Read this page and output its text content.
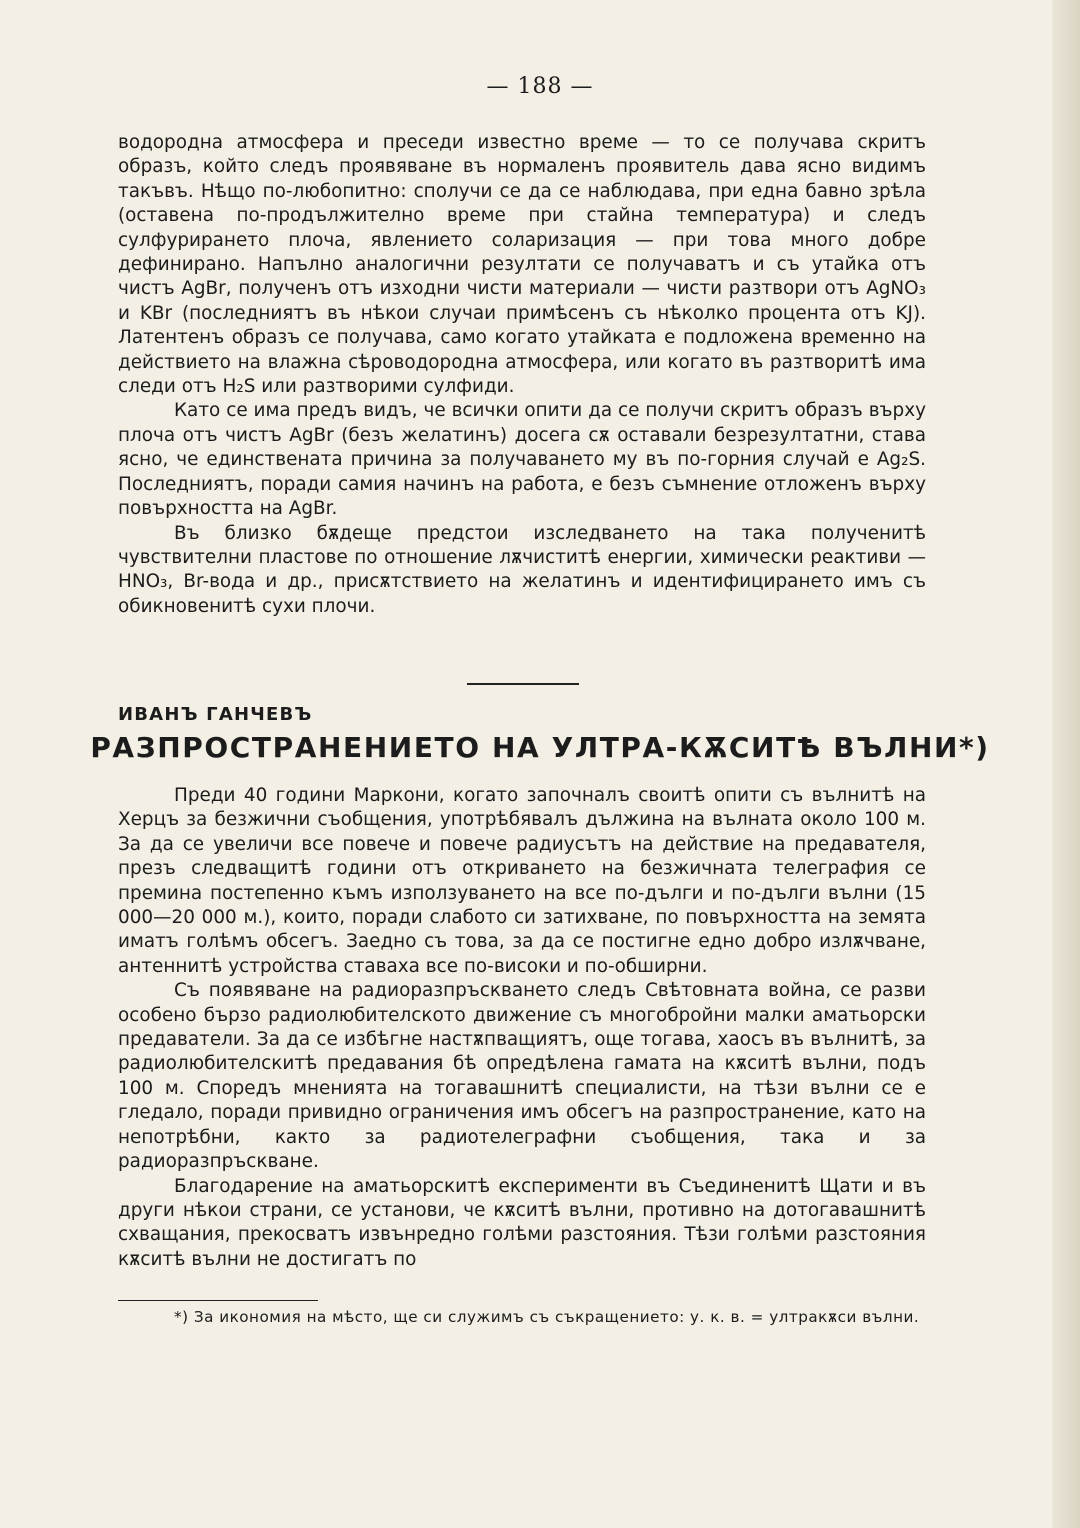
— 188 —

водородна атмосфера и преседи известно време — то се получава скритъ образъ, който следъ проявяване въ нормаленъ проявитель дава ясно видимъ такъвъ. Нѣщо по-любопитно: сполучи се да се наблюдава, при една бавно зрѣла (оставена по-продължително време при стайна температура) и следъ сулфурирането плоча, явлението соларизация — при това много добре дефинирано. Напълно аналогични резултати се получаватъ и съ утайка отъ чистъ AgBr, полученъ отъ изходни чисти материали — чисти разтвори отъ AgNO₃ и KBr (последниятъ въ нѣкои случаи примѣсенъ съ нѣколко процента отъ KJ). Латентенъ образъ се получава, само когато утайката е подложена временно на действието на влажна сѣроводородна атмосфера, или когато въ разтворитѣ има следи отъ H₂S или разтворими сулфиди.

Като се има предъ видъ, че всички опити да се получи скритъ образъ върху плоча отъ чистъ AgBr (безъ желатинъ) досега сѫ оставали безрезултатни, става ясно, че единствената причина за получаването му въ по-горния случай е Ag₂S. Последниятъ, поради самия начинъ на работа, е безъ съмнение отложенъ върху повърхността на AgBr.

Въ близко бѫдеще предстои изследването на така полученитѣ чувствителни пластове по отношение лѫчиститѣ енергии, химически реактиви — HNO₃, Br-вода и др., присѫтствието на желатинъ и идентифицирането имъ съ обикновенитѣ сухи плочи.

ИВАНЪ ГАНЧЕВЪ
РАЗПРОСТРАНЕНИЕТО НА УЛТРА-КѪСИТѢ ВЪЛНИ*)

Преди 40 години Маркони, когато започналъ своитѣ опити съ вълнитѣ на Херцъ за безжични съобщения, употрѣбявалъ дължина на вълната около 100 м. За да се увеличи все повече и повече радиусътъ на действие на предавателя, презъ следващитѣ години отъ откриването на безжичната телеграфия се премина постепенно къмъ използуването на все по-дълги и по-дълги вълни (15 000—20 000 м.), които, поради слабото си затихване, по повърхността на земята иматъ голѣмъ обсегъ. Заедно съ това, за да се постигне едно добро излѫчване, антеннитѣ устройства ставаха все по-високи и по-обширни.

Съ появяване на радиоразпръскването следъ Свѣтовната война, се разви особено бързо радиолюбителското движение съ многобройни малки аматьорски предаватели. За да се избѣгне настѫпващиятъ, още тогава, хаосъ въ вълнитѣ, за радиолюбителскитѣ предавания бѣ опредѣлена гамата на кѫситѣ вълни, подъ 100 м. Споредъ мненията на тогавашнитѣ специалисти, на тѣзи вълни се е гледало, поради привидно ограничения имъ обсегъ на разпространение, като на непотрѣбни, както за радиотелеграфни съобщения, така и за радиоразпръскване.

Благодарение на аматьорскитѣ експерименти въ Съединенитѣ Щати и въ други нѣкои страни, се установи, че кѫситѣ вълни, противно на дотогавашнитѣ схващания, прекосватъ извънредно голѣми разстояния. Тѣзи голѣми разстояния кѫситѣ вълни не достигатъ по

*) За икономия на мѣсто, ще си служимъ съ съкращението: у. к. в. = ултракѫси вълни.
